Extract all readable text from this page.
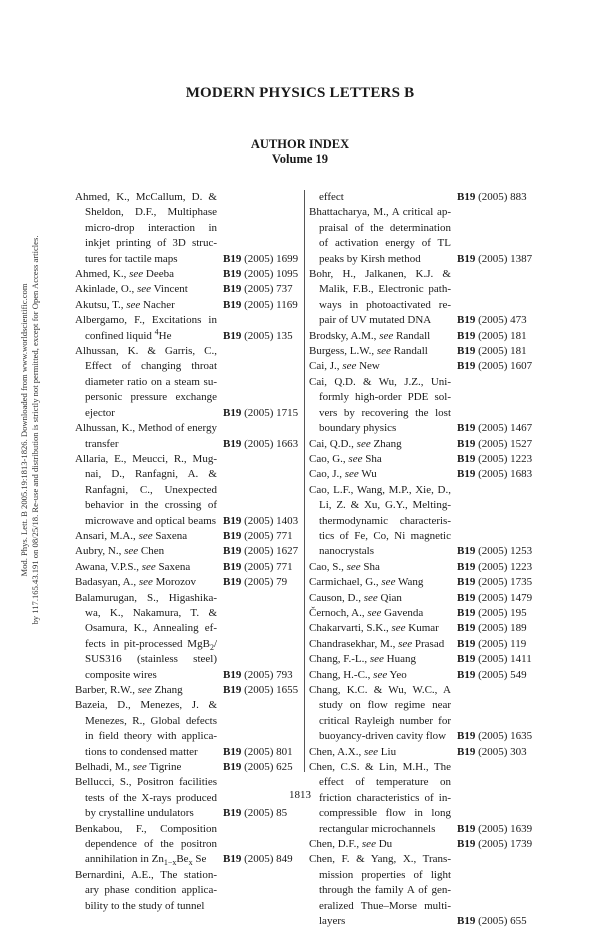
MODERN PHYSICS LETTERS B
AUTHOR INDEX
Volume 19
Mod. Phys. Lett. B 2005.19:1813-1826. Downloaded from www.worldscientific.com by 117.165.43.191 on 08/25/18. Re-use and distribution is strictly not permitted, except for Open Access articles.
Ahmed, K., McCallum, D. & Sheldon, D.F., Multiphase micro-drop interaction in inkjet printing of 3D struc-tures for tactile maps	B19 (2005) 1699
Ahmed, K., see Deeba	B19 (2005) 1095
Akinlade, O., see Vincent	B19 (2005) 737
Akutsu, T., see Nacher	B19 (2005) 1169
Albergamo, F., Excitations in confined liquid $^4$He	B19 (2005) 135
Alhussan, K. & Garris, C., Effect of changing throat diameter ratio on a steam su-personic pressure exchange ejector	B19 (2005) 1715
Alhussan, K., Method of energy transfer	B19 (2005) 1663
Allaria, E., Meucci, R., Mug-nai, D., Ranfagni, A. & Ranfagni, C., Unexpected behavior in the crossing of microwave and optical beams B19 (2005) 1403
Ansari, M.A., see Saxena	B19 (2005) 771
Aubry, N., see Chen	B19 (2005) 1627
Awana, V.P.S., see Saxena	B19 (2005) 771
Badasyan, A., see Morozov	B19 (2005) 79
Balamurugan, S., Higashika-wa, K., Nakamura, T. & Osamura, K., Annealing ef-fects in pit-processed MgB$_2$/ SUS316 (stainless steel) composite wires	B19 (2005) 793
Barber, R.W., see Zhang	B19 (2005) 1655
Bazeia, D., Menezes, J. & Menezes, R., Global defects in field theory with applica-tions to condensed matter	B19 (2005) 801
Belhadi, M., see Tigrine	B19 (2005) 625
Bellucci, S., Positron facilities tests of the X-rays produced by crystalline undulators	B19 (2005) 85
Benkabou, F., Composition dependence of the positron annihilation in $Zn_{1-x}Be_x$ Se	B19 (2005) 849
Bernardini, A.E., The station-ary phase condition applica-bility to the study of tunnel
effect	B19 (2005) 883
Bhattacharya, M., A critical ap-praisal of the determination of activation energy of TL peaks by Kirsh method	B19 (2005) 1387
Bohr, H., Jalkanen, K.J. & Malik, F.B., Electronic path-ways in photoactivated re-pair of UV mutated DNA	B19 (2005) 473
Brodsky, A.M., see Randall	B19 (2005) 181
Burgess, L.W., see Randall	B19 (2005) 181
Cai, J., see New	B19 (2005) 1607
Cai, Q.D. & Wu, J.Z., Uni-formly high-order PDE sol-vers by recovering the lost boundary physics	B19 (2005) 1467
Cai, Q.D., see Zhang	B19 (2005) 1527
Cao, G., see Sha	B19 (2005) 1223
Cao, J., see Wu	B19 (2005) 1683
Cao, L.F., Wang, M.P., Xie, D., Li, Z. & Xu, G.Y., Melting-thermodynamic characteris-tics of Fe, Co, Ni magnetic nanocrystals	B19 (2005) 1253
Cao, S., see Sha	B19 (2005) 1223
Carmichael, G., see Wang	B19 (2005) 1735
Causon, D., see Qian	B19 (2005) 1479
Černoch, A., see Gavenda	B19 (2005) 195
Chakarvarti, S.K., see Kumar	B19 (2005) 189
Chandrasekhar, M., see Prasad	B19 (2005) 119
Chang, F.-L., see Huang	B19 (2005) 1411
Chang, H.-C., see Yeo	B19 (2005) 549
Chang, K.C. & Wu, W.C., A study on flow regime near critical Rayleigh number for buoyancy-driven cavity flow B19 (2005) 1635
Chen, A.X., see Liu	B19 (2005) 303
Chen, C.S. & Lin, M.H., The effect of temperature on friction characteristics of in-compressible flow in long rectangular microchannels	B19 (2005) 1639
Chen, D.F., see Du	B19 (2005) 1739
Chen, F. & Yang, X., Trans-mission properties of light through the family A of gen-eralized Thue–Morse multi-layers	B19 (2005) 655
1813
